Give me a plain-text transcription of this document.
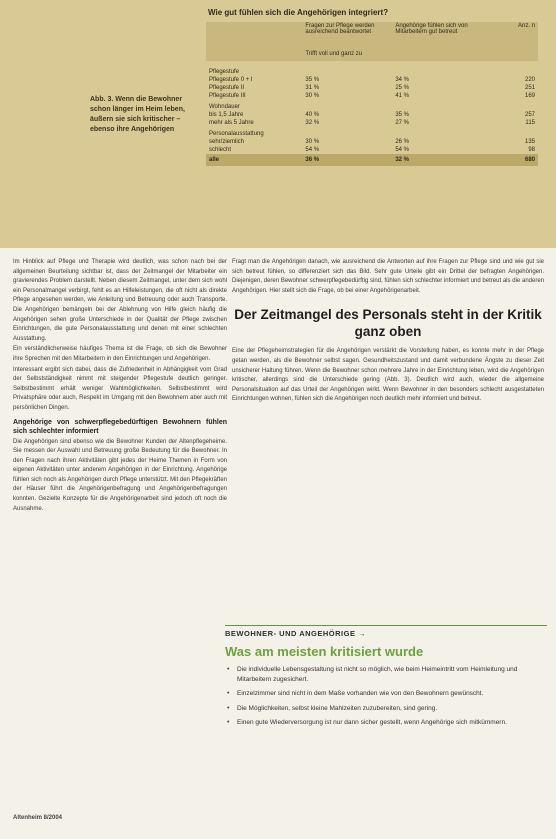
Abb. 3. Wenn die Bewohner schon länger im Heim leben, äußern sie sich kritischer – ebenso ihre Angehörigen
Wie gut fühlen sich die Angehörigen integriert?
	Fragen zur Pflege werden ausreichend beantwortet	Angehörige fühlen sich von Mitarbeitern gut betreut	Anz. n
	Trifft voll und ganz zu		
Pflegestufe			
Pflegestufe 0 + I	35 %	34 %	220
Pflegestufe II	31 %	25 %	251
Pflegestufe III	30 %	41 %	169
Wohndauer			
bis 1,5 Jahre	40 %	35 %	257
mehr als 5 Jahre	32 %	27 %	115
Personalausstattung			
sehr/ziemlich	30 %	26 %	135
schlecht	54 %	54 %	98
alle	36 %	32 %	680

Im Hinblick auf Pflege und Therapie wird deutlich, was schon nach bei der allgemeinen Beurteilung sichtbar ist, dass der Zeitmangel der Mitarbeiter ein gravierendes Problem darstellt. Neben diesem Zeitmangel, unter dem sich wohl ein Personalmangel verbirgt, fehlt es an Hilfeleistungen, die oft nicht als direkte Pflege angesehen werden, wie Anleitung und Betreuung oder auch Transporte. Die Angehörigen bemängeln bei der Ablehnung von Hilfe gleich häufig die Angehörigen sehen große Unterschiede in der Qualität der Pflege zwischen Einrichtungen, die gute Personalausstattung und denen mit einer schlechten Ausstattung.

Ein verständlicherweise häufiges Thema ist die Frage, ob sich die Bewohner ihre Sprechen mit den Mitarbeitern in den Einrichtungen und Angehörigen.

Interessant ergibt sich dabei, dass die Zufriedenheit in Abhängigkeit vom Grad der Selbstständigkeit nimmt mit steigender Pflegestufe deutlich geringer. Selbstbestimmt erhält weniger Wahlmöglichkeiten. Selbstbestimmt wird Privatsphäre oder auch, Respekt im Umgang mit den Bewohnern aber auch mit persönlichen Dingen.

Angehörige von schwerpflegebedürftigen Bewohnern fühlen sich schlechter informiert

Die Angehörigen sind ebenso wie die Bewohner Kunden der Altenpflegeheime. Sie messen der Auswahl und Betreuung große Bedeutung für die Bewohner. In den Fragen nach ihren Aktivitäten gibt jedes der Heime Themen in Form von eigenen Aktivitäten unter anderem Angehörigen in der Einrichtung. Angehörige fühlen sich noch als Angehörigen durch Pflege unterstützt. Mit den Pflegekräften der Häuser führt die Angehörigenbefragung und Angehörigenbefragungen konnten. Gezielte Konzepte für die Angehörigenarbeit sind jedoch oft noch die Ausnahme.

Fragt man die Angehörigen danach, wie ausreichend die Antworten auf ihre Fragen zur Pflege sind und wie gut sie sich betreut fühlen, so differenziert sich das Bild. Sehr gute Urteile gibt ein Drittel der befragten Angehörigen. Diejenigen, deren Bewohner schwerpflegebedürftig sind, fühlen sich schlechter informiert und betreut als die anderen Angehörigen. Hier stellt sich die Frage, ob bei einer Angehörigenarbeit.

Der Zeitmangel des Personals steht in der Kritik ganz oben

Eine der Pflegeheimstrategien für die Angehörigen verstärkt die Vorstellung haben, es konnte mehr in der Pflege getan werden, als die Bewohner selbst sagen. Gesundheitszustand und damit verbundene Ängste zu dieser Zeit unsicherer Haltung führen. Wenn die Bewohner schon mehrere Jahre in der Einrichtung leben, wird die Angehörigen kritischer, allerdings sind die Unterschiede gering (Abb. 3). Deutlich wird auch, wieder die allgemeine Personalsituation auf das Urteil der Angehörigen wirkt. Wenn Bewohner in den besonders schlecht ausgestatteten Einrichtungen wohnen, fühlen sich die Angehörigen noch deutlich mehr informiert und betreut.

BEWOHNER- UND ANGEHÖRIGE →
Was am meisten kritisiert wurde
• Die individuelle Lebensgestaltung ist nicht so möglich, wie beim Heimeintritt vom Heimleitung und Mitarbeitern zugesichert.
• Einzelzimmer sind nicht in dem Maße vorhanden wie von den Bewohnern gewünscht.
• Die Möglichkeiten, selbst kleine Mahlzeiten zuzubereiten, sind gering.
• Einen gute Wiederversorgung ist nur dann sicher gestellt, wenn Angehörige sich mitkümmern.
Altenheim 8/2004
